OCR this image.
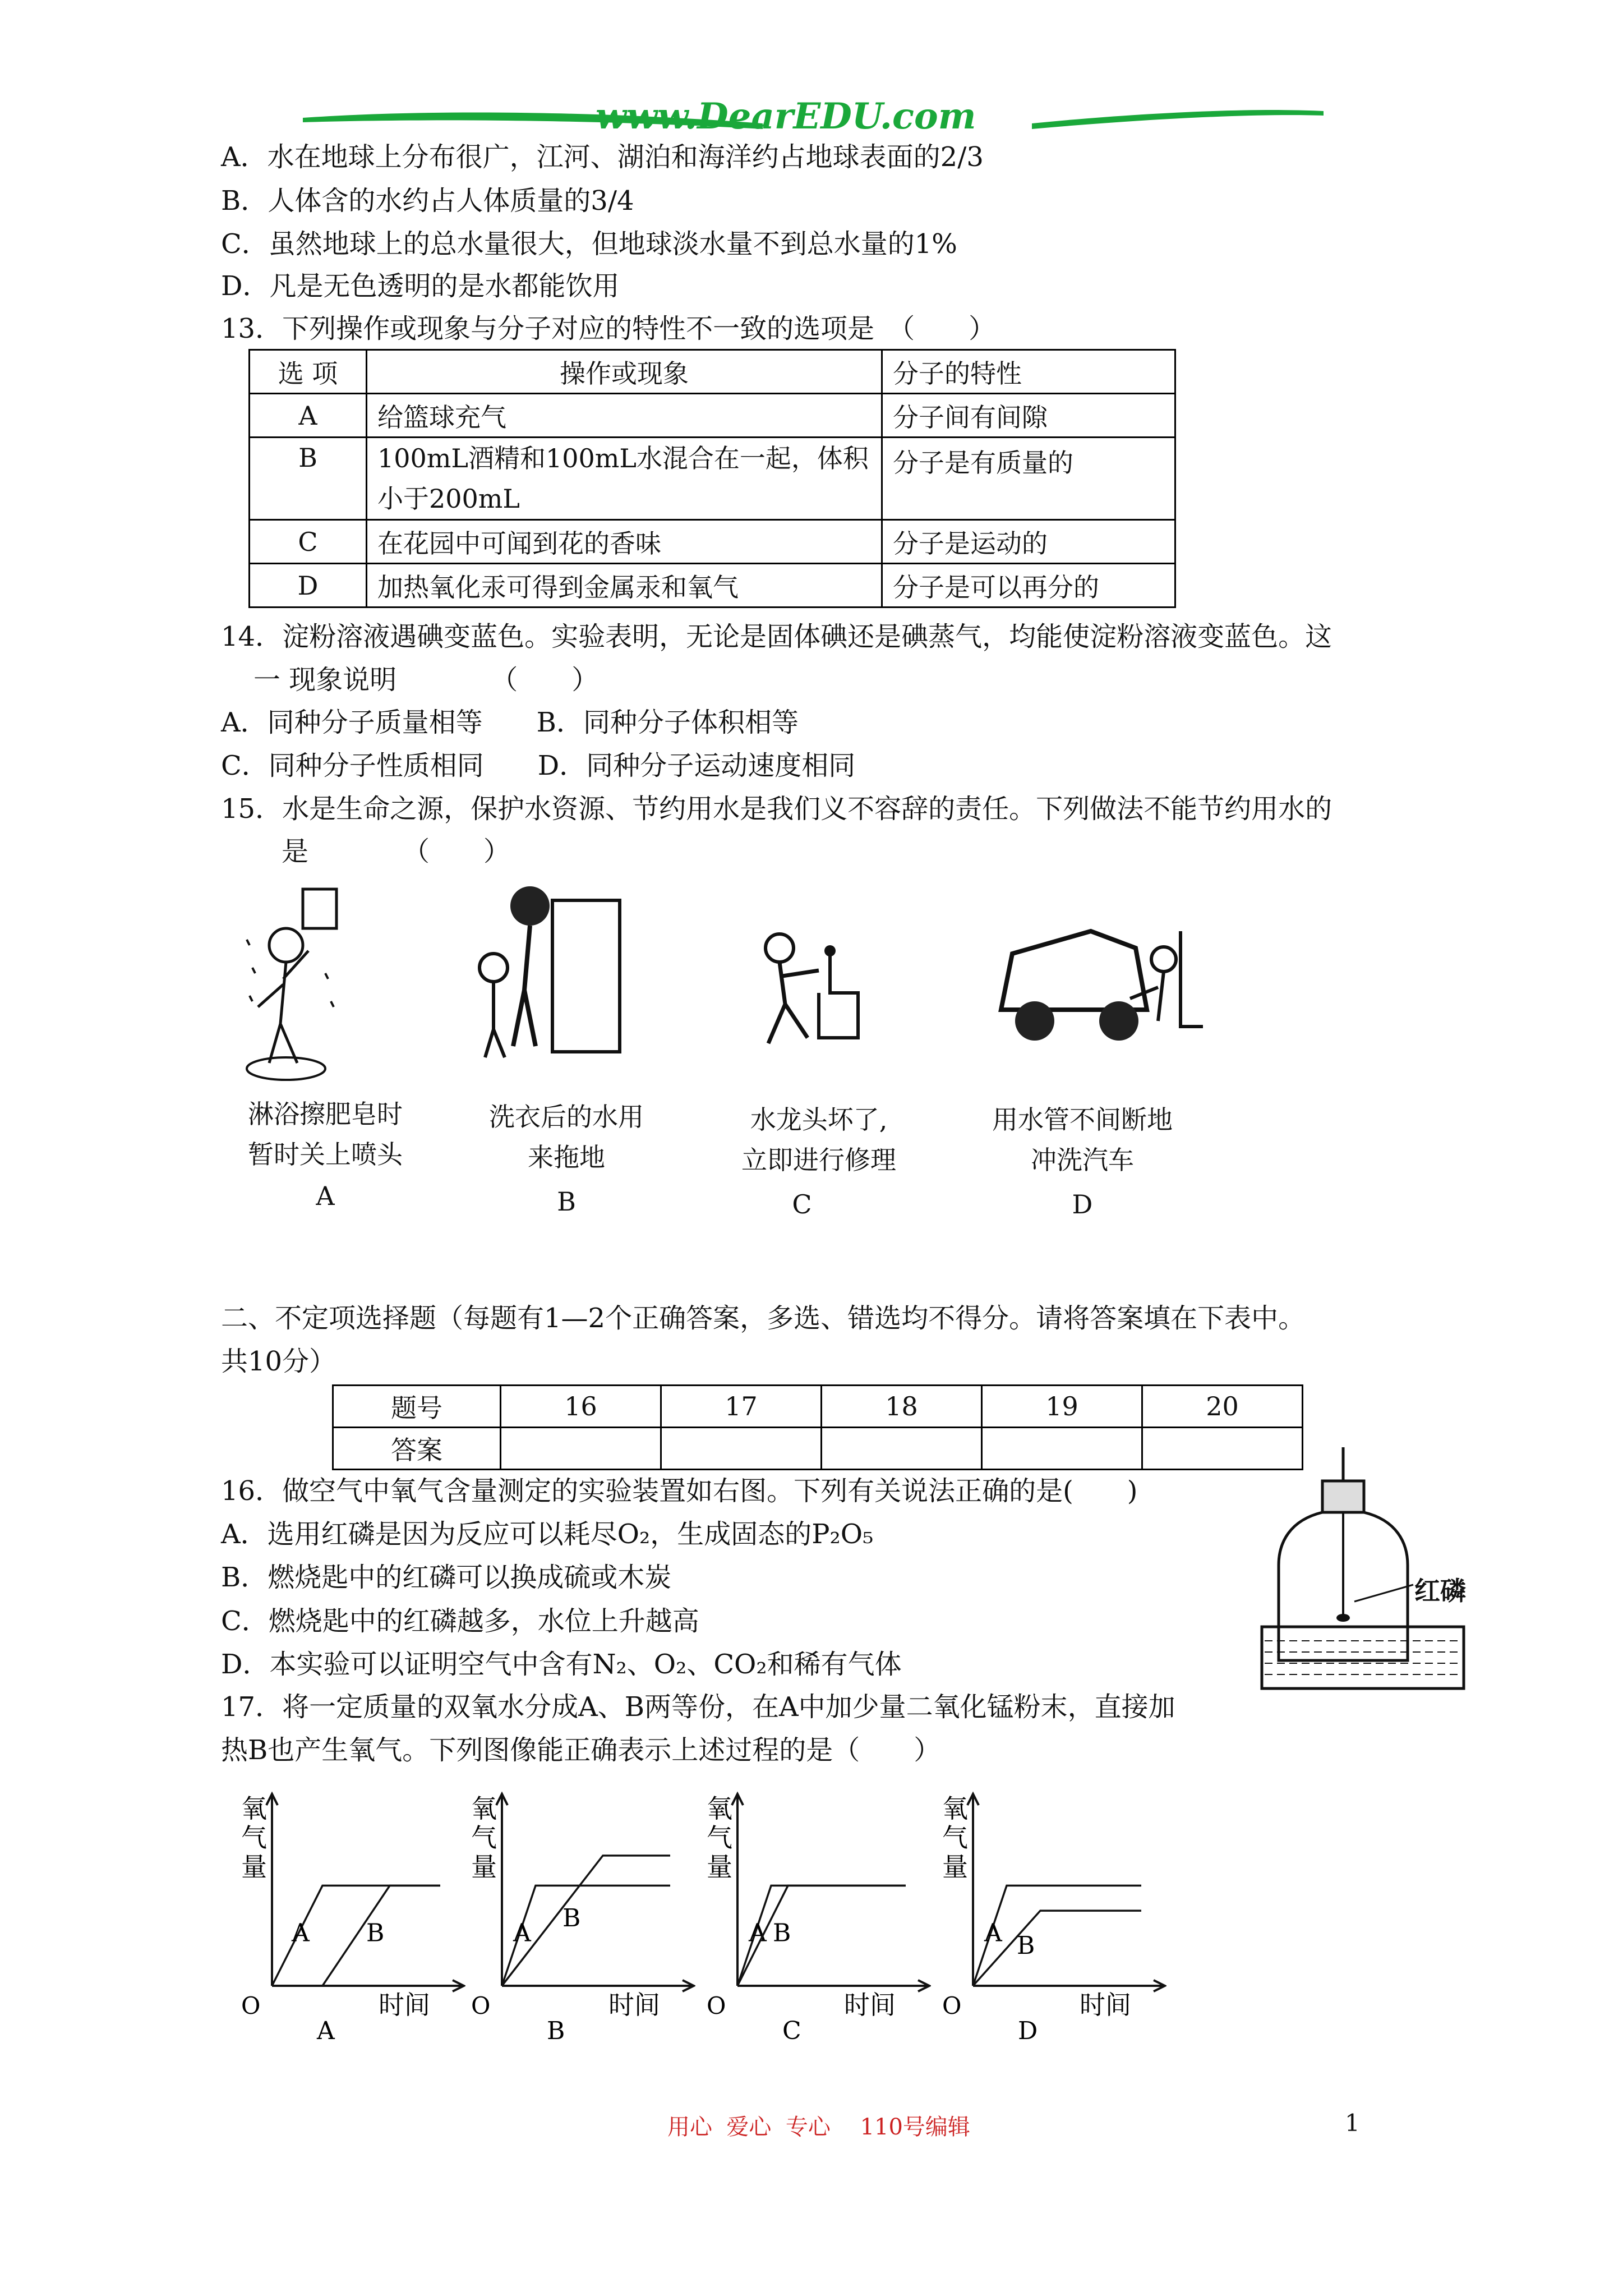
www.DearEDU.com
A．水在地球上分布很广，江河、湖泊和海洋约占地球表面的2/3
B．人体含的水约占人体质量的3/4
C．虽然地球上的总水量很大，但地球淡水量不到总水量的1%
D．凡是无色透明的是水都能饮用
13．下列操作或现象与分子对应的特性不一致的选项是　（　　）
选 项	操作或现象	分子的特性
A	给篮球充气	分子间有间隙
B	100mL酒精和100mL水混合在一起，体积小于200mL	分子是有质量的
C	在花园中可闻到花的香味	分子是运动的
D	加热氧化汞可得到金属汞和氧气	分子是可以再分的
14．淀粉溶液遇碘变蓝色。实验表明，无论是固体碘还是碘蒸气，均能使淀粉溶液变蓝色。这
一 现象说明　　　　（　　）
A．同种分子质量相等　　B．同种分子体积相等
C．同种分子性质相同　　D．同种分子运动速度相同
15．水是生命之源，保护水资源、节约用水是我们义不容辞的责任。下列做法不能节约用水的
是　　　　（　　）
淋浴擦肥皂时
暂时关上喷头
A
洗衣后的水用
来拖地
B
水龙头坏了,
立即进行修理
C
用水管不间断地
冲洗汽车
D
二、不定项选择题（每题有1—2个正确答案，多选、错选均不得分。请将答案填在下表中。
共10分）
题号	16	17	18	19	20
答案					
16．做空气中氧气含量测定的实验装置如右图。下列有关说法正确的是(　　)
A．选用红磷是因为反应可以耗尽O₂，生成固态的P₂O₅
B．燃烧匙中的红磷可以换成硫或木炭
C．燃烧匙中的红磷越多，水位上升越高
D．本实验可以证明空气中含有N₂、O₂、CO₂和稀有气体
红磷
17．将一定质量的双氧水分成A、B两等份，在A中加少量二氧化锰粉末，直接加
热B也产生氧气。下列图像能正确表示上述过程的是（　　）
氧
气
量
时间
O
A
A B
氧
气
量
时间
O
B
A
B
氧
气
量
时间
O
C
A B
氧
气
量
时间
O
D
A B
用心  爱心  专心　 110号编辑	1
